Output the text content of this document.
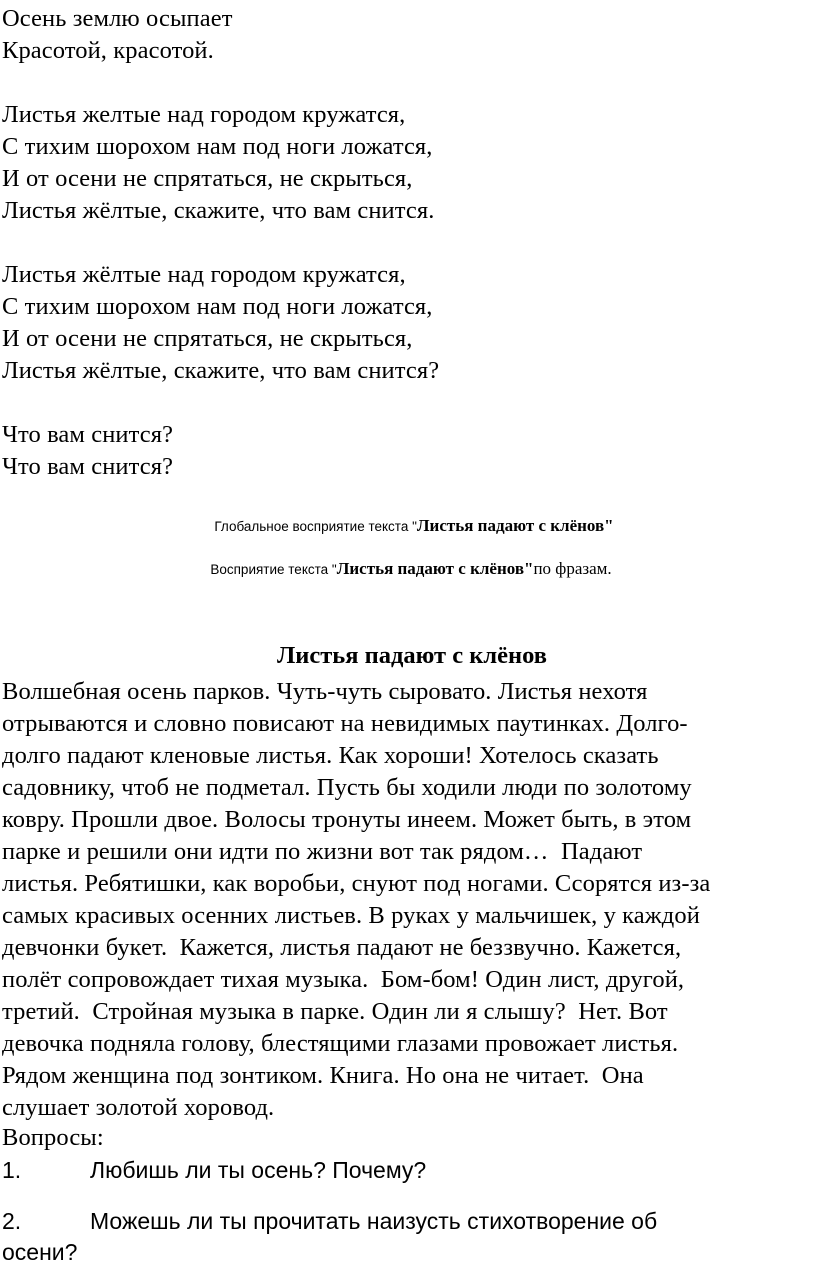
Осень землю осыпает
Красотой, красотой.
Листья желтые над городом кружатся,
С тихим шорохом нам под ноги ложатся,
И от осени не спрятаться, не скрыться,
Листья жёлтые, скажите, что вам снится.
Листья жёлтые над городом кружатся,
С тихим шорохом нам под ноги ложатся,
И от осени не спрятаться, не скрыться,
Листья жёлтые, скажите, что вам снится?
Что вам снится?
Что вам снится?
Глобальное восприятие текста "Листья падают с клёнов"
Восприятие текста "Листья падают с клёнов"по фразам.
Листья падают с клёнов
Волшебная осень парков. Чуть-чуть сыровато. Листья нехотя
отрываются и словно повисают на невидимых паутинках. Долго-
долго падают кленовые листья. Как хороши! Хотелось сказать
садовнику, чтоб не подметал. Пусть бы ходили люди по золотому
ковру. Прошли двое. Волосы тронуты инеем. Может быть, в этом
парке и решили они идти по жизни вот так рядом…  Падают
листья. Ребятишки, как воробьи, снуют под ногами. Ссорятся из-за
самых красивых осенних листьев. В руках у мальчишек, у каждой
девчонки букет.  Кажется, листья падают не беззвучно. Кажется,
полёт сопровождает тихая музыка.  Бом-бом! Один лист, другой,
третий.  Стройная музыка в парке. Один ли я слышу?  Нет. Вот
девочка подняла голову, блестящими глазами провожает листья.
Рядом женщина под зонтиком. Книга. Но она не читает.  Она
слушает золотой хоровод.
Вопросы:
1.	Любишь ли ты осень? Почему?
2.	Можешь ли ты прочитать наизусть стихотворение об
осени?
